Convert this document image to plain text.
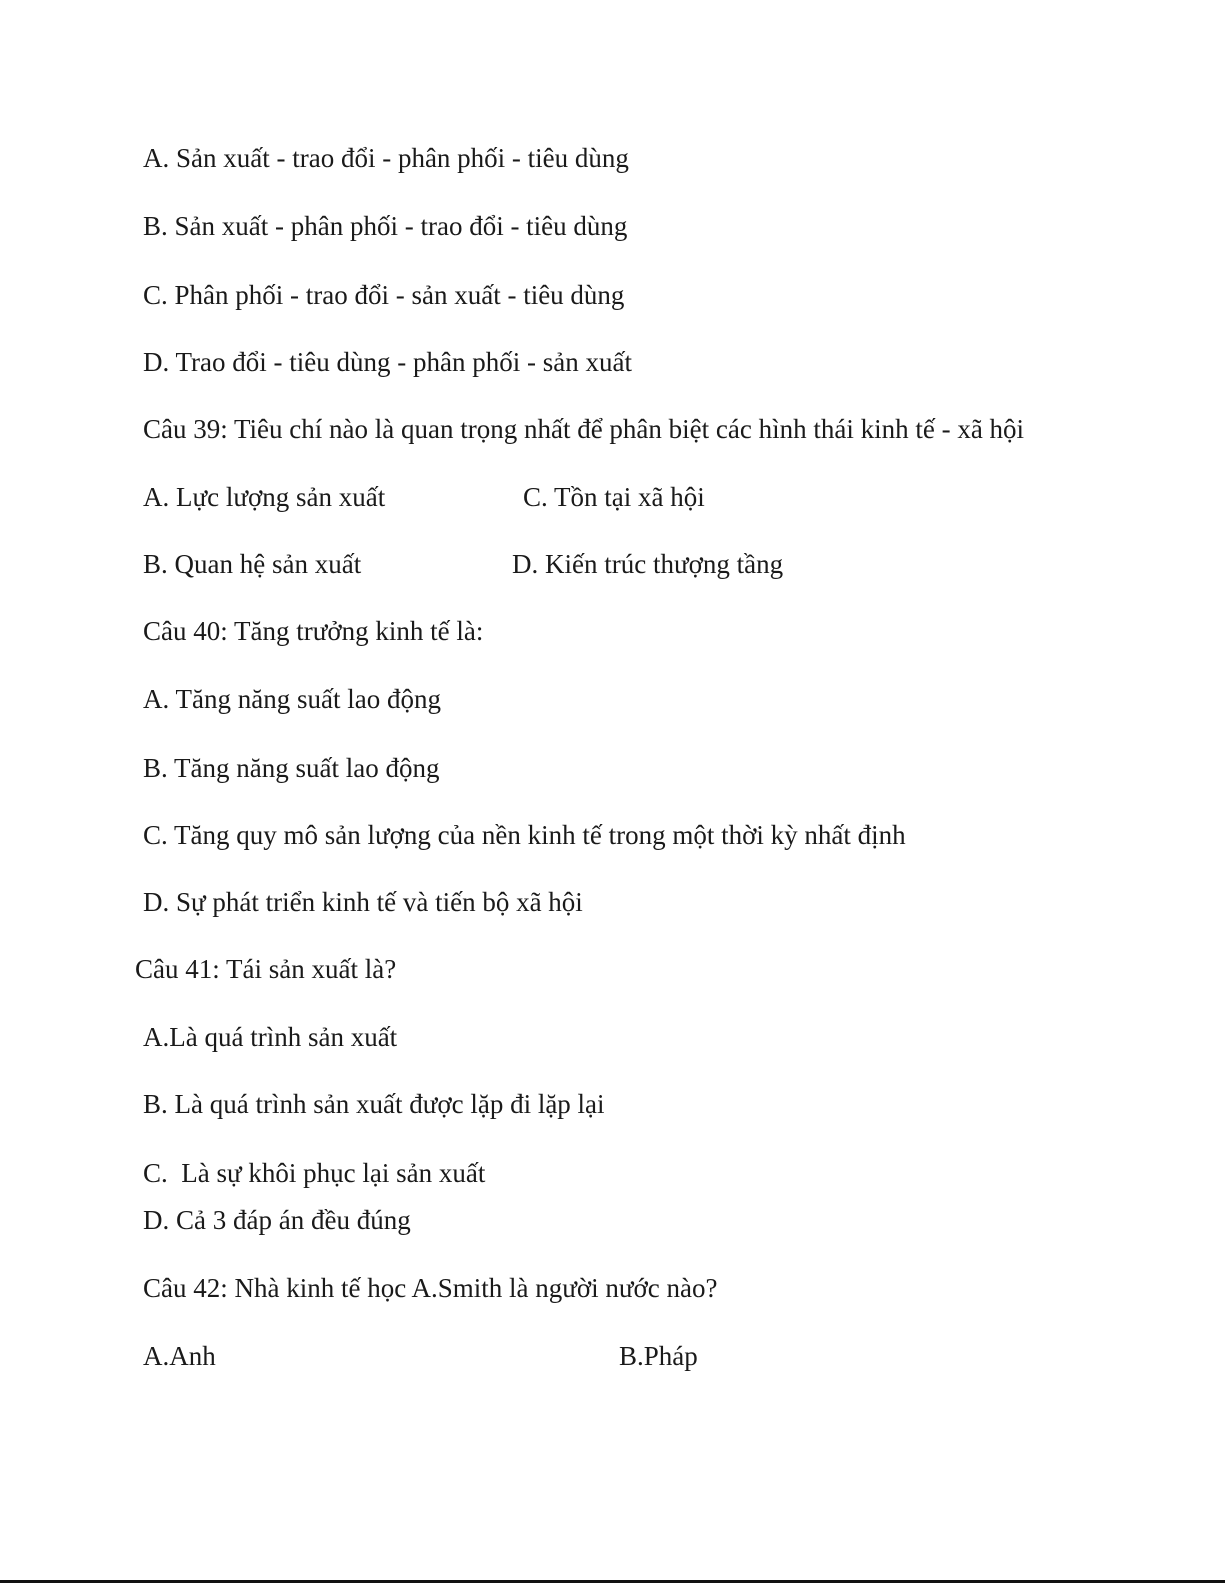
A. Sản xuất - trao đổi - phân phối - tiêu dùng
B. Sản xuất - phân phối - trao đổi - tiêu dùng
C. Phân phối - trao đổi - sản xuất - tiêu dùng
D. Trao đổi - tiêu dùng - phân phối - sản xuất
Câu 39: Tiêu chí nào là quan trọng nhất để phân biệt các hình thái kinh tế - xã hội
A. Lực lượng sản xuất	C. Tồn tại xã hội
B. Quan hệ sản xuất	D. Kiến trúc thượng tầng
Câu 40: Tăng trưởng kinh tế là:
A. Tăng năng suất lao động
B. Tăng năng suất lao động
C. Tăng quy mô sản lượng của nền kinh tế trong một thời kỳ nhất định
D. Sự phát triển kinh tế và tiến bộ xã hội
Câu 41: Tái sản xuất là?
A.Là quá trình sản xuất
B. Là quá trình sản xuất được lặp đi lặp lại
C.  Là sự khôi phục lại sản xuất
D. Cả 3 đáp án đều đúng
Câu 42: Nhà kinh tế học A.Smith là người nước nào?
A.Anh	B.Pháp
